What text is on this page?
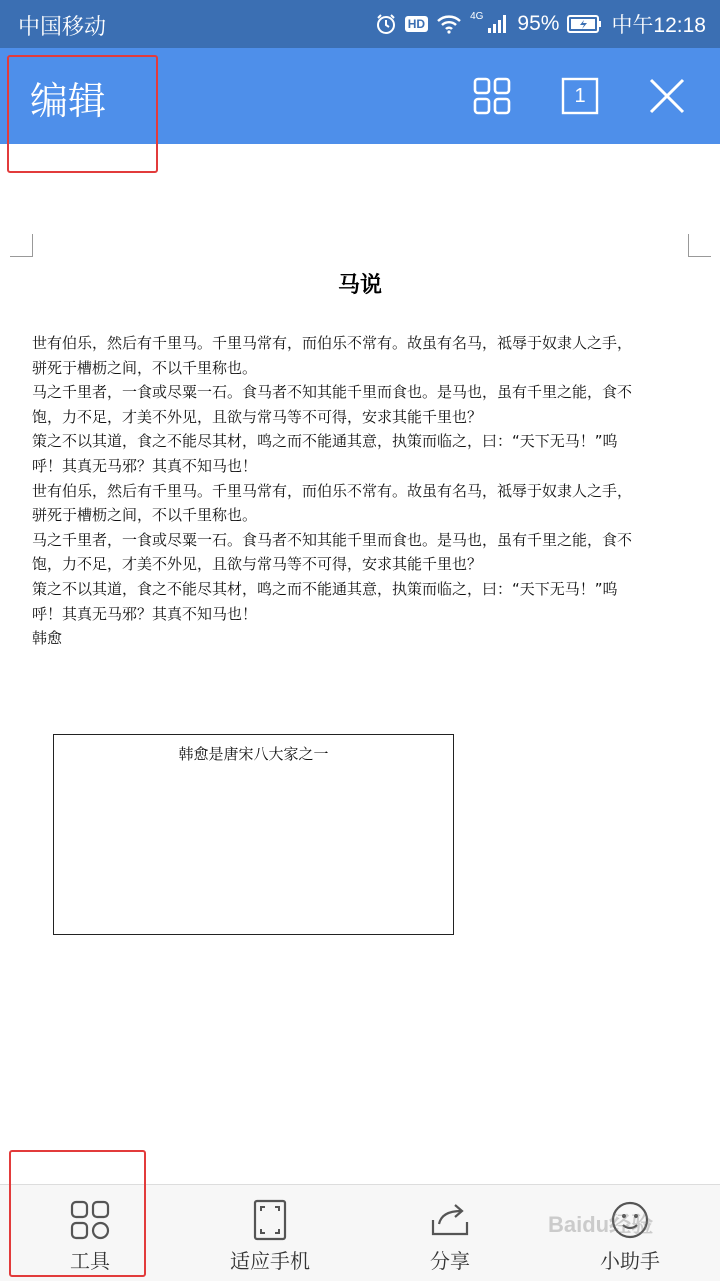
中国移动	HD
4G 95% 中午12:18
编辑	1
马说
世有伯乐，然后有千里马。千里马常有，而伯乐不常有。故虽有名马，祗辱于奴隶人之手，
骈死于槽枥之间，不以千里称也。
马之千里者，一食或尽粟一石。食马者不知其能千里而食也。是马也，虽有千里之能，食不
饱，力不足，才美不外见，且欲与常马等不可得，安求其能千里也？
策之不以其道，食之不能尽其材，鸣之而不能通其意，执策而临之，曰：“天下无马！”呜
呼！其真无马邪？其真不知马也！
世有伯乐，然后有千里马。千里马常有，而伯乐不常有。故虽有名马，祗辱于奴隶人之手，
骈死于槽枥之间，不以千里称也。
马之千里者，一食或尽粟一石。食马者不知其能千里而食也。是马也，虽有千里之能，食不
饱，力不足，才美不外见，且欲与常马等不可得，安求其能千里也？
策之不以其道，食之不能尽其材，鸣之而不能通其意，执策而临之，曰：“天下无马！”呜
呼！其真无马邪？其真不知马也！
韩愈
韩愈是唐宋八大家之一
工具	适应手机	分享	小助手
Baidu经验
